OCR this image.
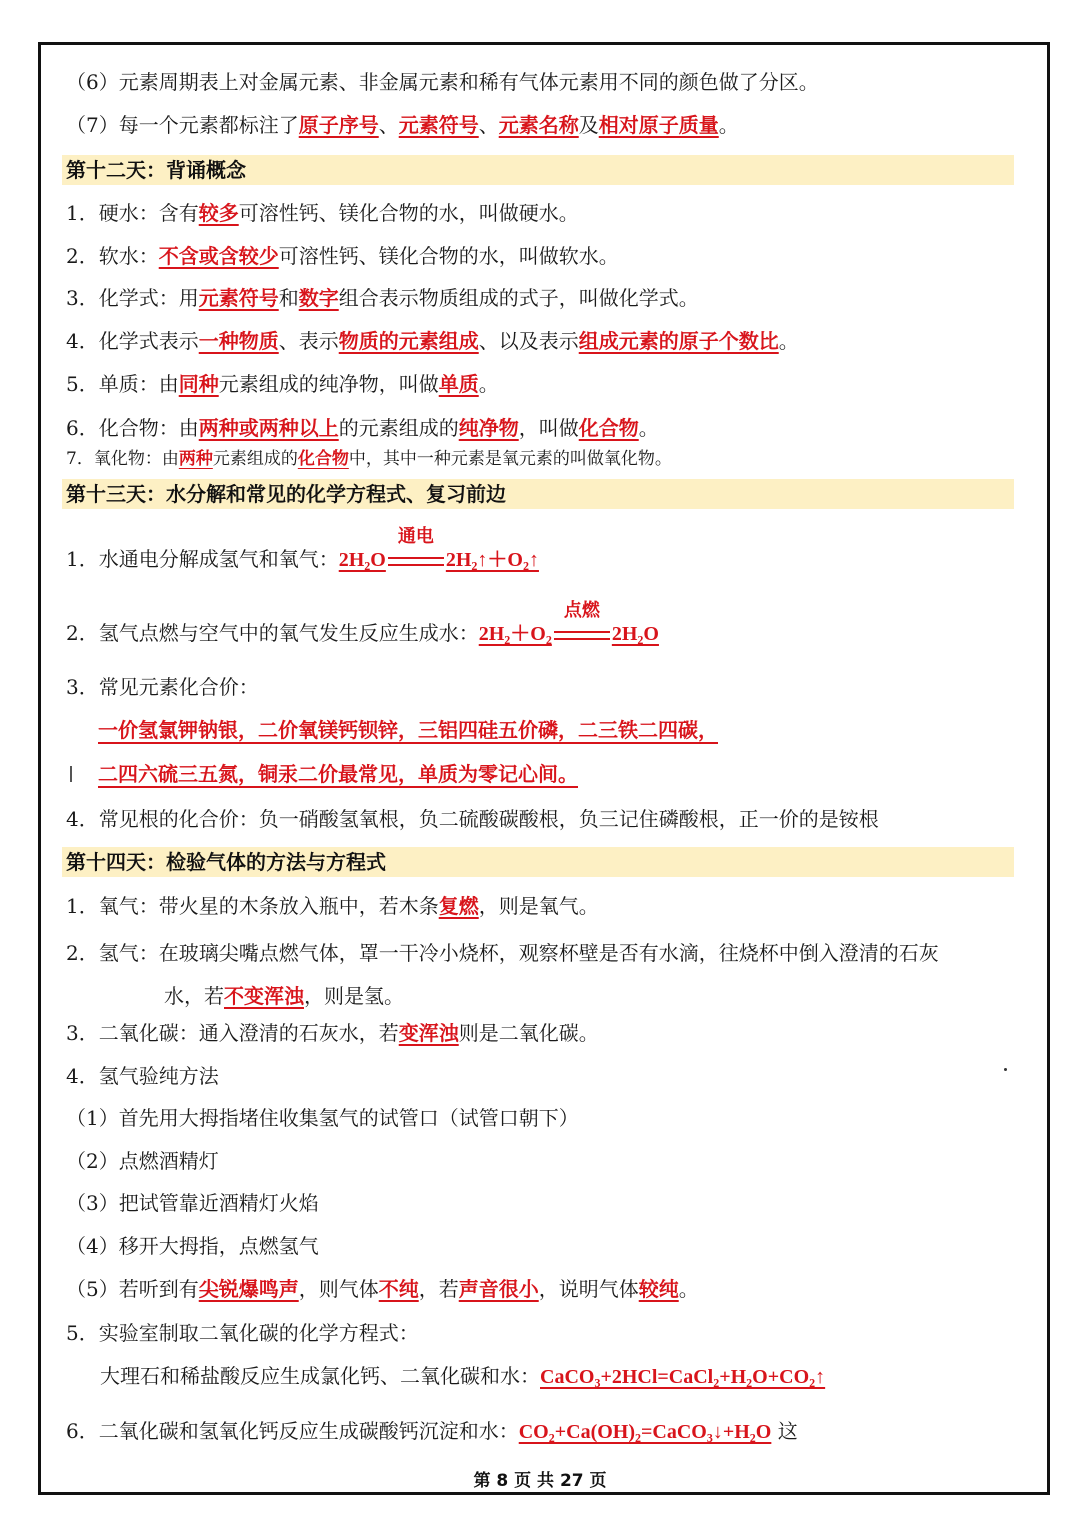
（6）元素周期表上对金属元素、非金属元素和稀有气体元素用不同的颜色做了分区。
（7）每一个元素都标注了原子序号、元素符号、元素名称及相对原子质量。
第十二天：背诵概念
1．硬水：含有较多可溶性钙、镁化合物的水，叫做硬水。
2．软水：不含或含较少可溶性钙、镁化合物的水，叫做软水。
3．化学式：用元素符号和数字组合表示物质组成的式子，叫做化学式。
4．化学式表示一种物质、表示物质的元素组成、以及表示组成元素的原子个数比。
5．单质：由同种元素组成的纯净物，叫做单质。
6．化合物：由两种或两种以上的元素组成的纯净物，叫做化合物。
7．氧化物：由两种元素组成的化合物中，其中一种元素是氧元素的叫做氧化物。
第十三天：水分解和常见的化学方程式、复习前边
1．水通电分解成氢气和氧气：2H₂O
通电
2H₂↑＋O₂↑
2．氢气点燃与空气中的氧气发生反应生成水：2H₂＋O₂
点燃
2H₂O
3．常见元素化合价：
一价氢氯钾钠银，二价氧镁钙钡锌，三铝四硅五价磷，二三铁二四碳，
二四六硫三五氮，铜汞二价最常见，单质为零记心间。
4．常见根的化合价：负一硝酸氢氧根，负二硫酸碳酸根，负三记住磷酸根，正一价的是铵根
第十四天：检验气体的方法与方程式
1．氧气：带火星的木条放入瓶中，若木条复燃，则是氧气。
2．氢气：在玻璃尖嘴点燃气体，罩一干冷小烧杯，观察杯壁是否有水滴，往烧杯中倒入澄清的石灰
水，若不变浑浊，则是氢。
3．二氧化碳：通入澄清的石灰水，若变浑浊则是二氧化碳。
4．氢气验纯方法
（1）首先用大拇指堵住收集氢气的试管口（试管口朝下）
（2）点燃酒精灯
（3）把试管靠近酒精灯火焰
（4）移开大拇指，点燃氢气
（5）若听到有尖锐爆鸣声，则气体不纯，若声音很小，说明气体较纯。
5．实验室制取二氧化碳的化学方程式：
大理石和稀盐酸反应生成氯化钙、二氧化碳和水：CaCO₃+2HCl=CaCl₂+H₂O+CO₂↑
6．二氧化碳和氢氧化钙反应生成碳酸钙沉淀和水：CO₂+Ca(OH)₂=CaCO₃↓+H₂O 这
第 8 页 共 27 页
